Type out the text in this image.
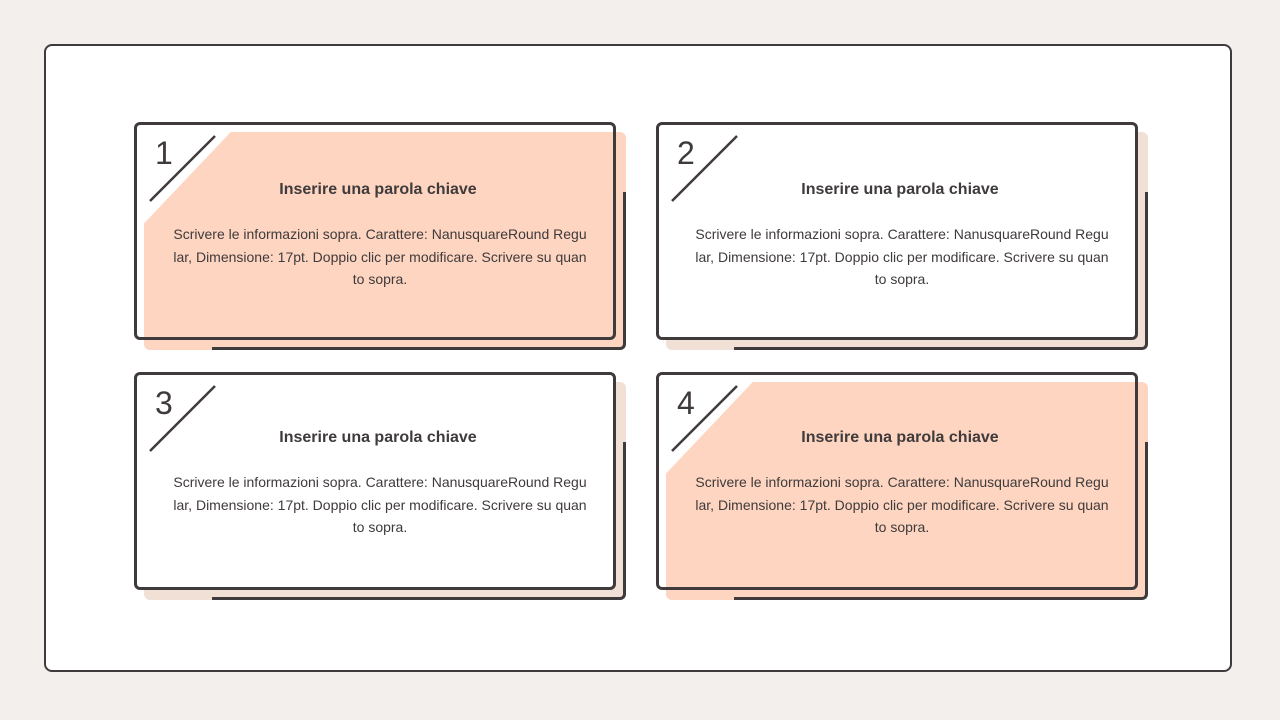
1
Inserire una parola chiave
Scrivere le informazioni sopra. Carattere: NanusquareRound Regular, Dimensione: 17pt. Doppio clic per modificare. Scrivere su quanto sopra.
2
Inserire una parola chiave
Scrivere le informazioni sopra. Carattere: NanusquareRound Regular, Dimensione: 17pt. Doppio clic per modificare. Scrivere su quanto sopra.
3
Inserire una parola chiave
Scrivere le informazioni sopra. Carattere: NanusquareRound Regular, Dimensione: 17pt. Doppio clic per modificare. Scrivere su quanto sopra.
4
Inserire una parola chiave
Scrivere le informazioni sopra. Carattere: NanusquareRound Regular, Dimensione: 17pt. Doppio clic per modificare. Scrivere su quanto sopra.
